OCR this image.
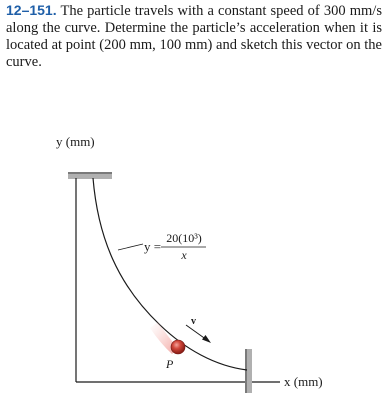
12–151. The particle travels with a constant speed of 300 mm/s along the curve. Determine the particle’s acceleration when it is located at point (200 mm, 100 mm) and sketch this vector on the curve.
y (mm)
x (mm)
y =
20(10³)
x
P
v
